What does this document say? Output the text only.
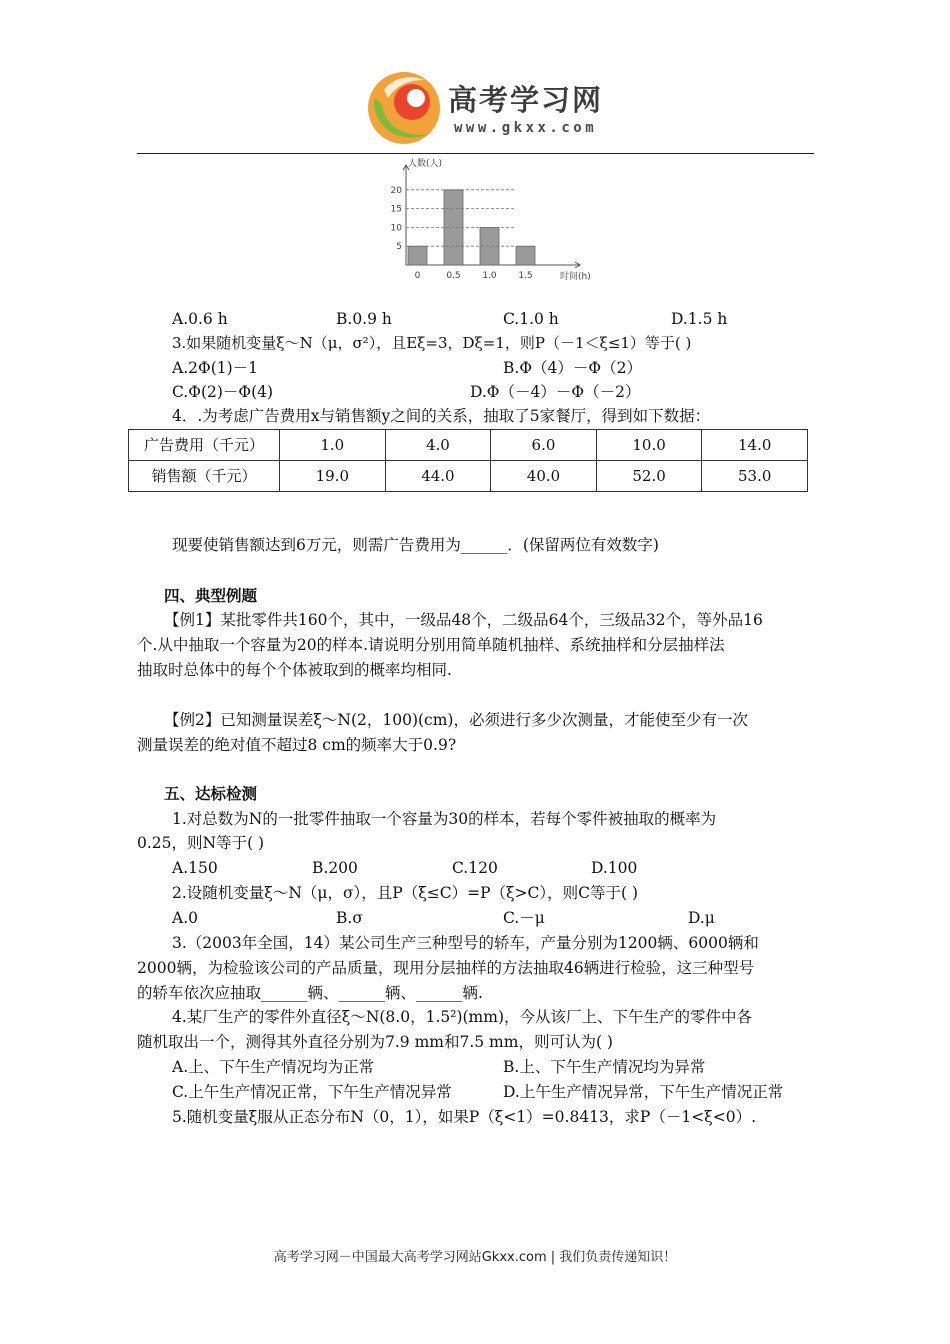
高考学习网
www.gkxx.com
人数(人)
时间(h)
0	0.5 1.0 1.5
5
10
15
20
A.0.6 h	B.0.9 h	C.1.0 h	D.1.5 h
3.如果随机变量ξ～N（μ，σ²），且Eξ=3，Dξ=1，则P（－1＜ξ≤1）等于( )
A.2Φ(1)－1	B.Φ（4）－Φ（2）
C.Φ(2)－Φ(4)	D.Φ（－4）－Φ（－2）
4．.为考虑广告费用x与销售额y之间的关系，抽取了5家餐厅，得到如下数据：
广告费用（千元）	1.0	4.0	6.0	10.0	14.0
销售额（千元）	19.0	44.0	40.0	52.0	53.0
现要使销售额达到6万元，则需广告费用为______．(保留两位有效数字)
四、典型例题
【例1】某批零件共160个，其中，一级品48个，二级品64个，三级品32个，等外品16
个.从中抽取一个容量为20的样本.请说明分别用简单随机抽样、系统抽样和分层抽样法
抽取时总体中的每个个体被取到的概率均相同.
【例2】已知测量误差ξ～N(2，100)(cm)，必须进行多少次测量，才能使至少有一次
测量误差的绝对值不超过8 cm的频率大于0.9?
五、达标检测
1.对总数为N的一批零件抽取一个容量为30的样本，若每个零件被抽取的概率为
0.25，则N等于( )
A.150	B.200	C.120	D.100
2.设随机变量ξ～N（μ，σ），且P（ξ≤C）=P（ξ>C），则C等于( )
A.0	B.σ	C.－μ	D.μ
3.（2003年全国，14）某公司生产三种型号的轿车，产量分别为1200辆、6000辆和
2000辆，为检验该公司的产品质量，现用分层抽样的方法抽取46辆进行检验，这三种型号
的轿车依次应抽取______辆、______辆、______辆.
4.某厂生产的零件外直径ξ～N(8.0，1.5²)(mm)，今从该厂上、下午生产的零件中各
随机取出一个，测得其外直径分别为7.9 mm和7.5 mm，则可认为( )
A.上、下午生产情况均为正常	B.上、下午生产情况均为异常
C.上午生产情况正常，下午生产情况异常	D.上午生产情况异常，下午生产情况正常
5.随机变量ξ服从正态分布N（0，1），如果P（ξ<1）=0.8413，求P（－1<ξ<0）.
高考学习网－中国最大高考学习网站Gkxx.com | 我们负责传递知识！
